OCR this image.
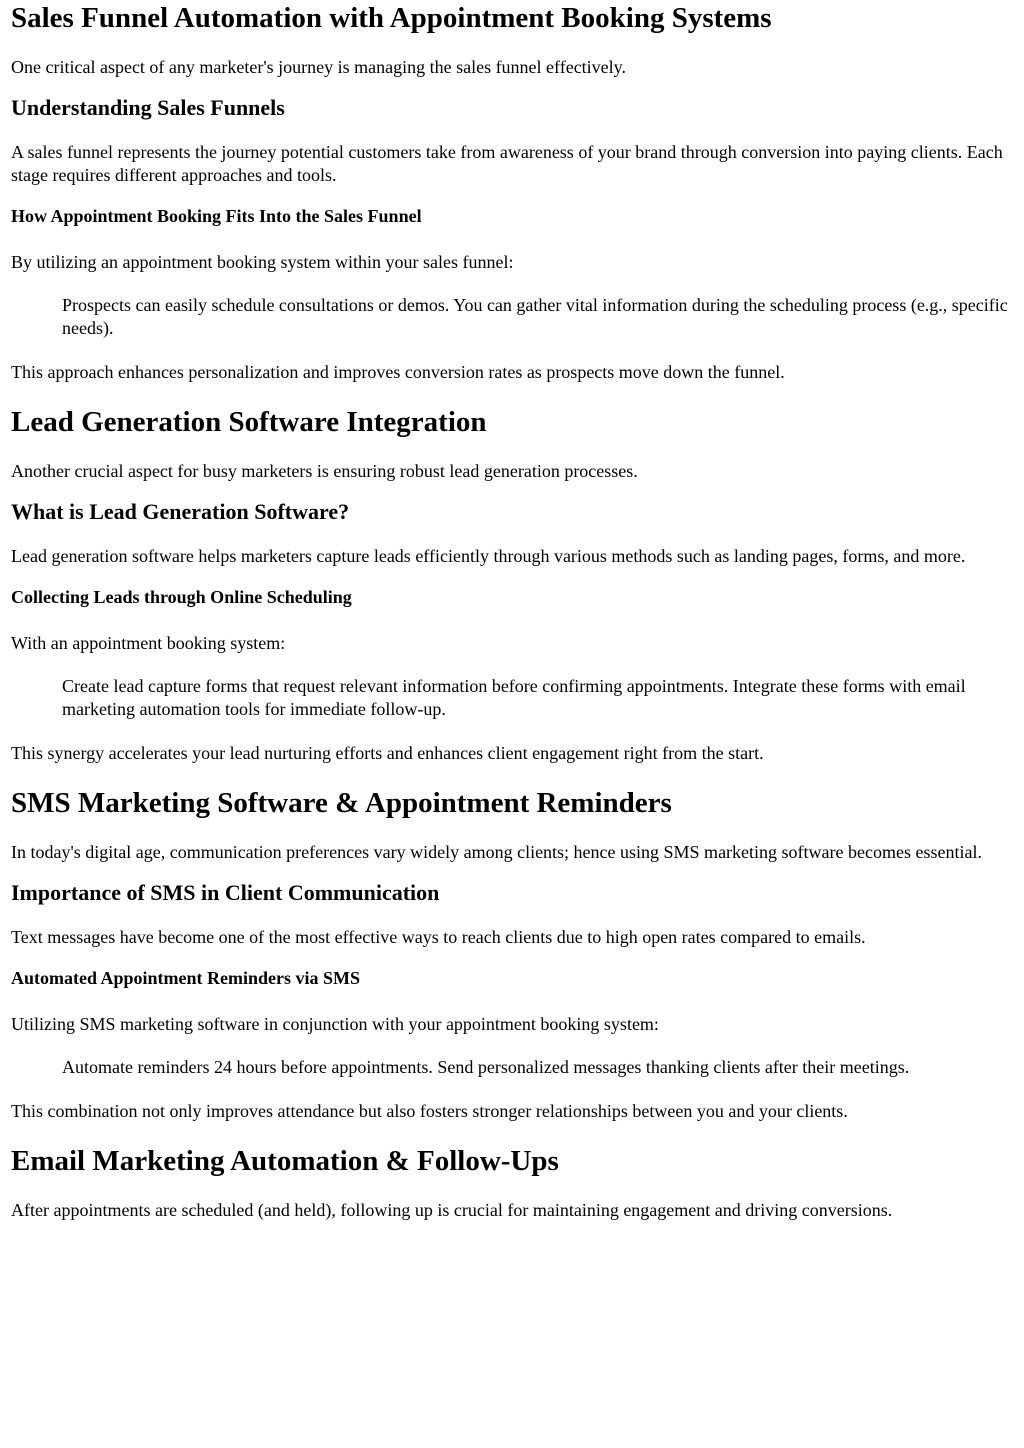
Sales Funnel Automation with Appointment Booking Systems

One critical aspect of any marketer's journey is managing the sales funnel effectively.

Understanding Sales Funnels

A sales funnel represents the journey potential customers take from awareness of your brand through conversion into paying clients. Each stage requires different approaches and tools.

How Appointment Booking Fits Into the Sales Funnel

By utilizing an appointment booking system within your sales funnel:

Prospects can easily schedule consultations or demos. You can gather vital information during the scheduling process (e.g., specific needs).

This approach enhances personalization and improves conversion rates as prospects move down the funnel.

Lead Generation Software Integration

Another crucial aspect for busy marketers is ensuring robust lead generation processes.

What is Lead Generation Software?

Lead generation software helps marketers capture leads efficiently through various methods such as landing pages, forms, and more.

Collecting Leads through Online Scheduling

With an appointment booking system:

Create lead capture forms that request relevant information before confirming appointments. Integrate these forms with email marketing automation tools for immediate follow-up.

This synergy accelerates your lead nurturing efforts and enhances client engagement right from the start.

SMS Marketing Software & Appointment Reminders

In today's digital age, communication preferences vary widely among clients; hence using SMS marketing software becomes essential.

Importance of SMS in Client Communication

Text messages have become one of the most effective ways to reach clients due to high open rates compared to emails.

Automated Appointment Reminders via SMS

Utilizing SMS marketing software in conjunction with your appointment booking system:

Automate reminders 24 hours before appointments. Send personalized messages thanking clients after their meetings.

This combination not only improves attendance but also fosters stronger relationships between you and your clients.

Email Marketing Automation & Follow-Ups

After appointments are scheduled (and held), following up is crucial for maintaining engagement and driving conversions.
